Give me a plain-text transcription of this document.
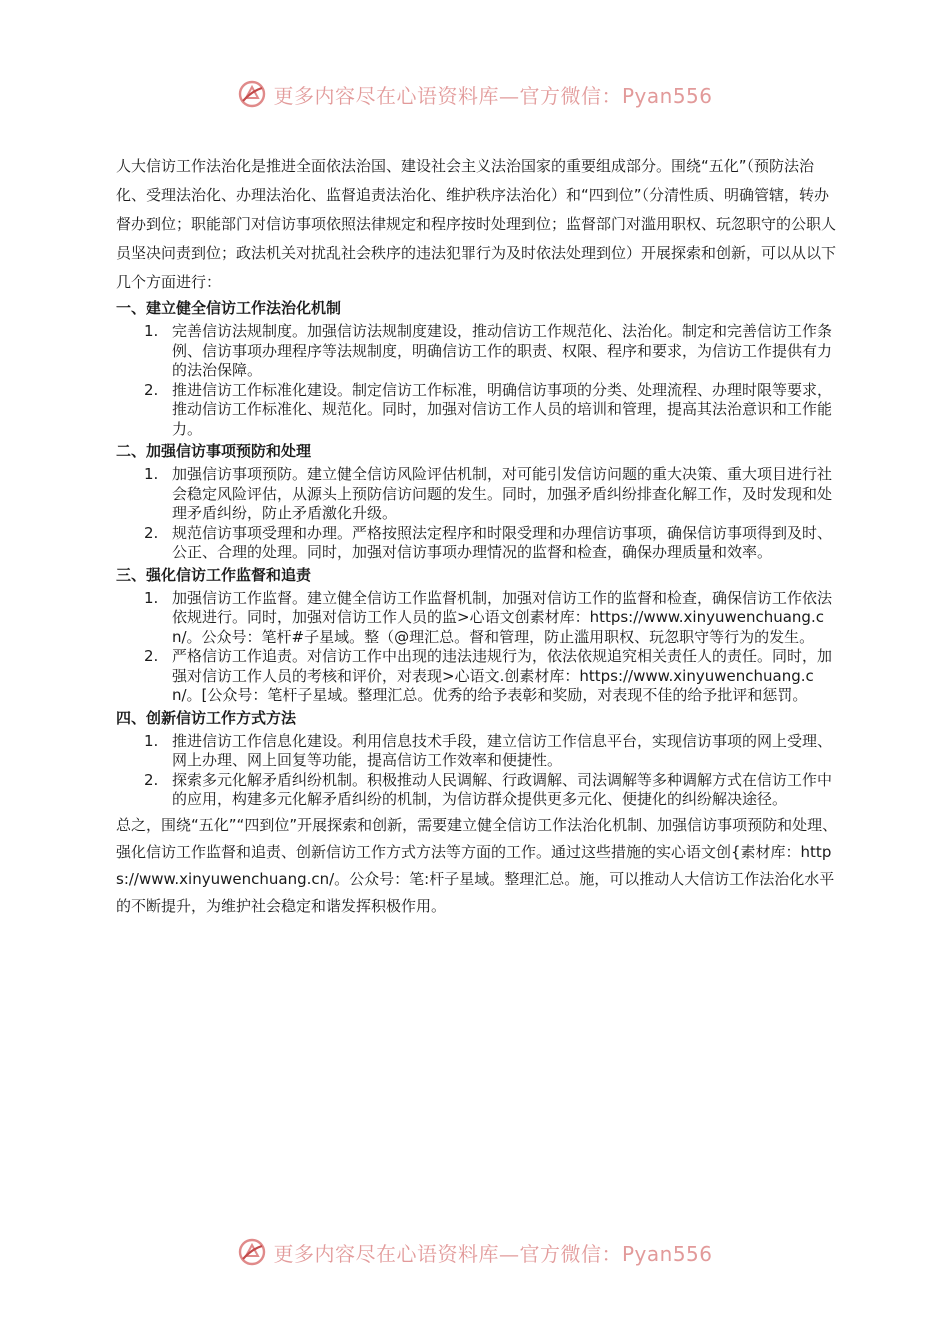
更多内容尽在心语资料库—官方微信：Pyan556

人大信访工作法治化是推进全面依法治国、建设社会主义法治国家的重要组成部分。围绕“五化”（预防法治化、受理法治化、办理法治化、监督追责法治化、维护秩序法治化）和“四到位”（分清性质、明确管辖，转办督办到位；职能部门对信访事项依照法律规定和程序按时处理到位；监督部门对滥用职权、玩忽职守的公职人员坚决问责到位；政法机关对扰乱社会秩序的违法犯罪行为及时依法处理到位）开展探索和创新，可以从以下几个方面进行：

一、建立健全信访工作法治化机制
1. 完善信访法规制度。加强信访法规制度建设，推动信访工作规范化、法治化。制定和完善信访工作条例、信访事项办理程序等法规制度，明确信访工作的职责、权限、程序和要求，为信访工作提供有力的法治保障。
2. 推进信访工作标准化建设。制定信访工作标准，明确信访事项的分类、处理流程、办理时限等要求，推动信访工作标准化、规范化。同时，加强对信访工作人员的培训和管理，提高其法治意识和工作能力。
二、加强信访事项预防和处理
1. 加强信访事项预防。建立健全信访风险评估机制，对可能引发信访问题的重大决策、重大项目进行社会稳定风险评估，从源头上预防信访问题的发生。同时，加强矛盾纠纷排查化解工作，及时发现和处理矛盾纠纷，防止矛盾激化升级。
2. 规范信访事项受理和办理。严格按照法定程序和时限受理和办理信访事项，确保信访事项得到及时、公正、合理的处理。同时，加强对信访事项办理情况的监督和检查，确保办理质量和效率。
三、强化信访工作监督和追责
1. 加强信访工作监督。建立健全信访工作监督机制，加强对信访工作的监督和检查，确保信访工作依法依规进行。同时，加强对信访工作人员的监>心语文创素材库：https://www.xinyuwenchuang.cn/。公众号：笔杆#子星域。整（@理汇总。督和管理，防止滥用职权、玩忽职守等行为的发生。
2. 严格信访工作追责。对信访工作中出现的违法违规行为，依法依规追究相关责任人的责任。同时，加强对信访工作人员的考核和评价，对表现>心语文.创素材库：https://www.xinyuwenchuang.cn/。[公众号：笔杆子星域。整理汇总。优秀的给予表彰和奖励，对表现不佳的给予批评和惩罚。
四、创新信访工作方式方法
1. 推进信访工作信息化建设。利用信息技术手段，建立信访工作信息平台，实现信访事项的网上受理、网上办理、网上回复等功能，提高信访工作效率和便捷性。
2. 探索多元化解矛盾纠纷机制。积极推动人民调解、行政调解、司法调解等多种调解方式在信访工作中的应用，构建多元化解矛盾纠纷的机制，为信访群众提供更多元化、便捷化的纠纷解决途径。

总之，围绕“五化”“四到位”开展探索和创新，需要建立健全信访工作法治化机制、加强信访事项预防和处理、强化信访工作监督和追责、创新信访工作方式方法等方面的工作。通过这些措施的实心语文创{素材库：https://www.xinyuwenchuang.cn/。公众号：笔:杆子星域。整理汇总。施，可以推动人大信访工作法治化水平的不断提升，为维护社会稳定和谐发挥积极作用。

更多内容尽在心语资料库—官方微信：Pyan556
